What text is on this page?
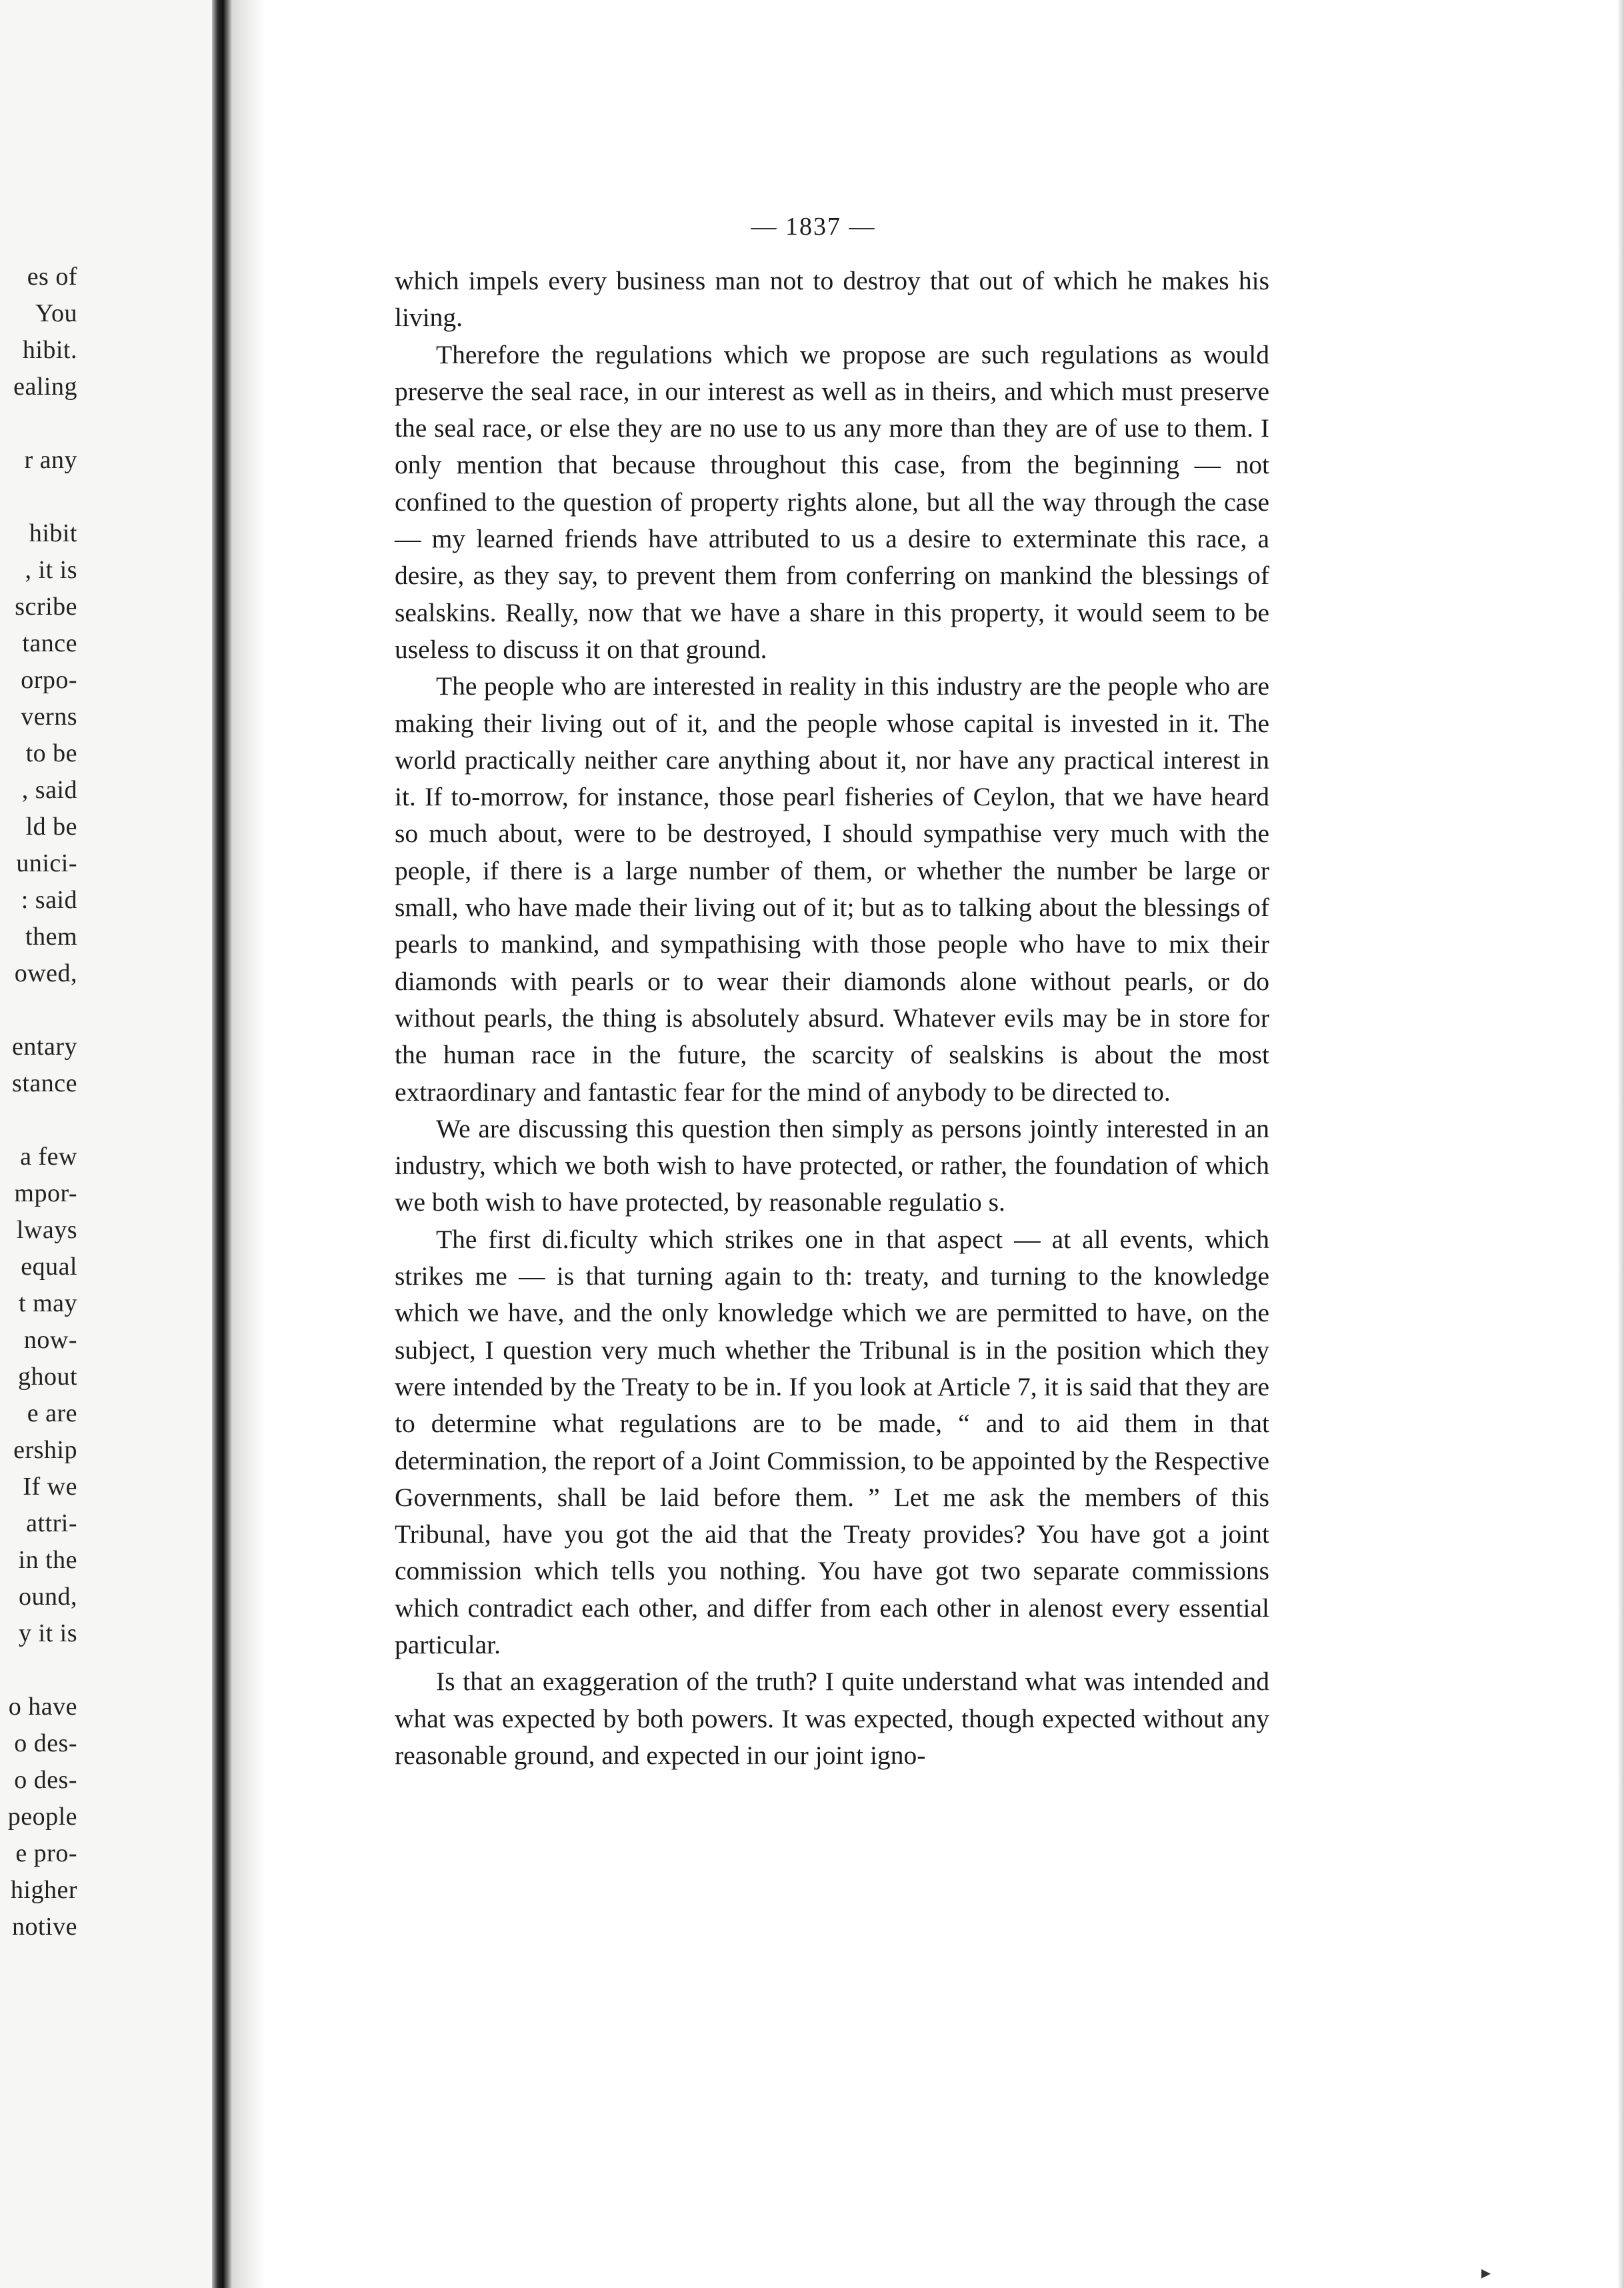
es of
You
hibit.
ealing
r any
hibit
, it is
scribe
tance
orpo-
verns
to be
, said
ld be
unici-
: said
them
owed,
entary
stance
a few
mpor-
lways
equal
t may
now-
ghout
e are
ership
If we
attri-
in the
ound,
y it is
o have
o des-
o des-
people
e pro-
higher
notive
— 1837 —

which impels every business man not to destroy that out of which he makes his living.

Therefore the regulations which we propose are such regulations as would preserve the seal race, in our interest as well as in theirs, and which must preserve the seal race, or else they are no use to us any more than they are of use to them. I only mention that because throughout this case, from the beginning — not confined to the question of property rights alone, but all the way through the case — my learned friends have attributed to us a desire to exterminate this race, a desire, as they say, to prevent them from conferring on mankind the blessings of sealskins. Really, now that we have a share in this property, it would seem to be useless to discuss it on that ground.

The people who are interested in reality in this industry are the people who are making their living out of it, and the people whose capital is invested in it. The world practically neither care anything about it, nor have any practical interest in it. If to-morrow, for instance, those pearl fisheries of Ceylon, that we have heard so much about, were to be destroyed, I should sympathise very much with the people, if there is a large number of them, or whether the number be large or small, who have made their living out of it; but as to talking about the blessings of pearls to mankind, and sympathising with those people who have to mix their diamonds with pearls or to wear their diamonds alone without pearls, or do without pearls, the thing is absolutely absurd. Whatever evils may be in store for the human race in the future, the scarcity of sealskins is about the most extraordinary and fantastic fear for the mind of anybody to be directed to.

We are discussing this question then simply as persons jointly interested in an industry, which we both wish to have protected, or rather, the foundation of which we both wish to have protected, by reasonable regulatio s.

The first di.ficulty which strikes one in that aspect — at all events, which strikes me — is that turning again to th: treaty, and turning to the knowledge which we have, and the only knowledge which we are permitted to have, on the subject, I question very much whether the Tribunal is in the position which they were intended by the Treaty to be in. If you look at Article 7, it is said that they are to determine what regulations are to be made, “ and to aid them in that determination, the report of a Joint Commission, to be appointed by the Respective Governments, shall be laid before them. ” Let me ask the members of this Tribunal, have you got the aid that the Treaty provides? You have got a joint commission which tells you nothing. You have got two separate commissions which contradict each other, and differ from each other in alenost every essential particular.

Is that an exaggeration of the truth? I quite understand what was intended and what was expected by both powers. It was expected, though expected without any reasonable ground, and expected in our joint igno-

▸
